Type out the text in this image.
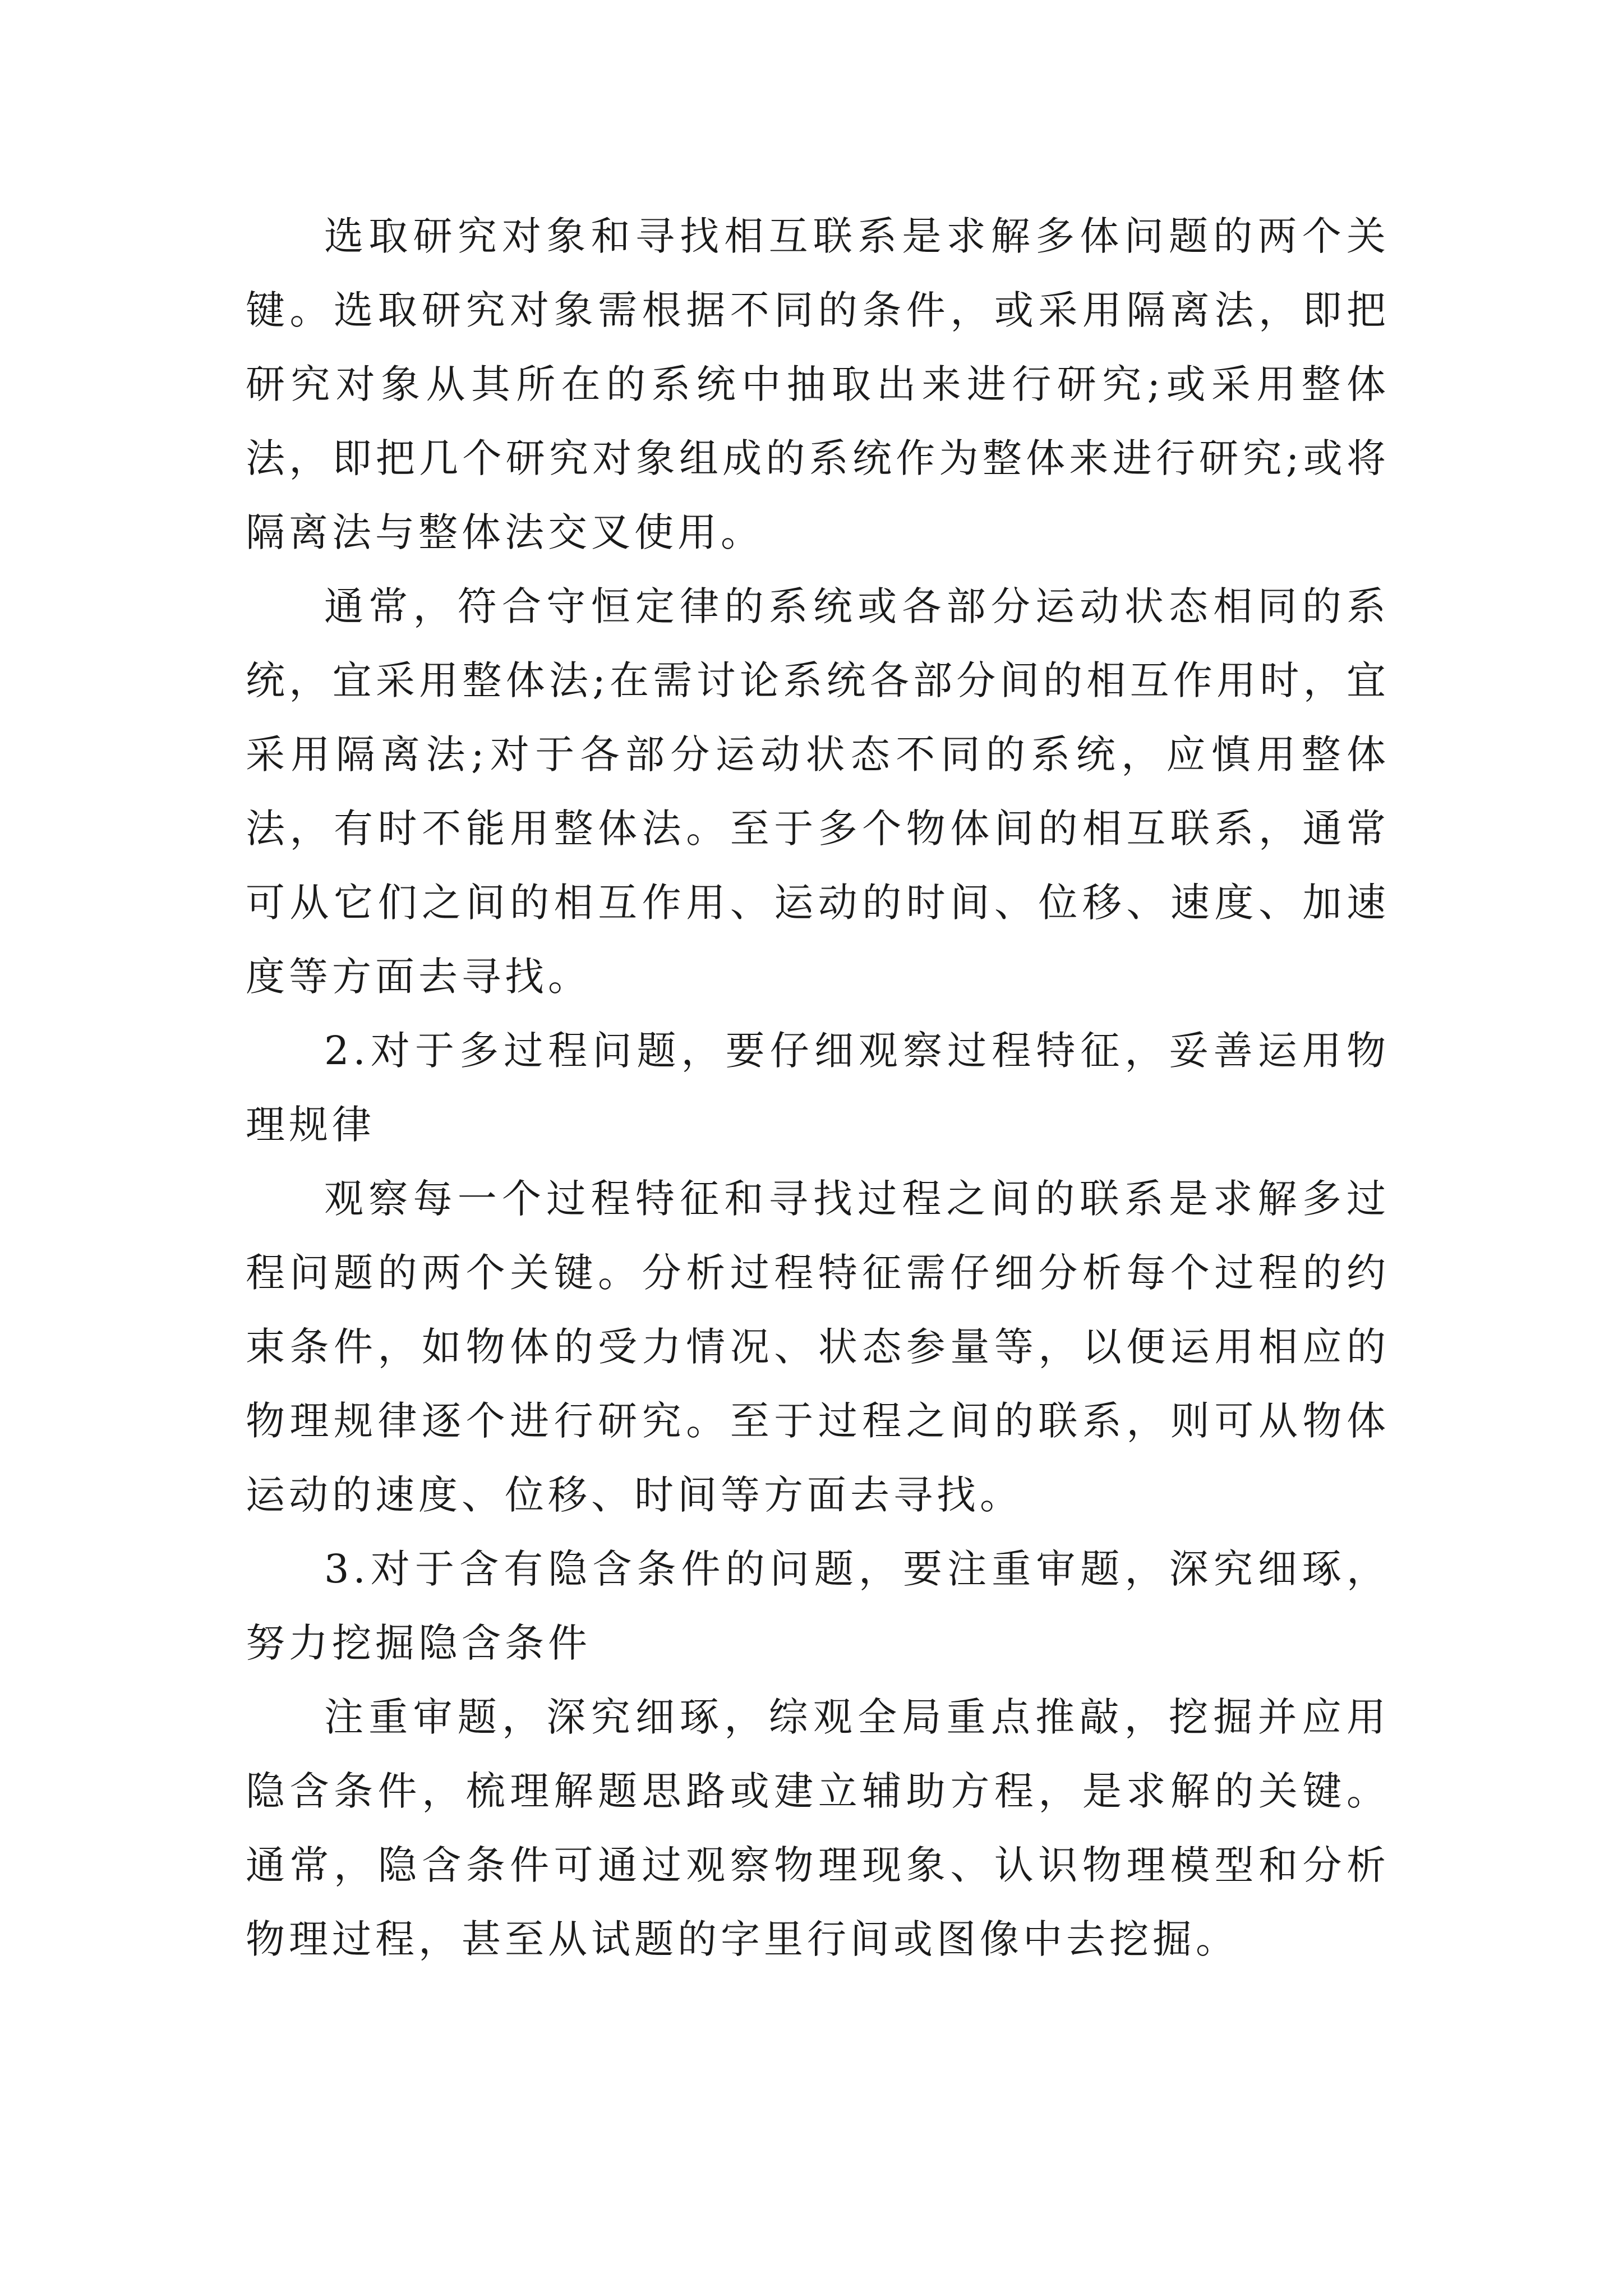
选取研究对象和寻找相互联系是求解多体问题的两个关键。选取研究对象需根据不同的条件，或采用隔离法，即把研究对象从其所在的系统中抽取出来进行研究;或采用整体法，即把几个研究对象组成的系统作为整体来进行研究;或将隔离法与整体法交叉使用。

通常，符合守恒定律的系统或各部分运动状态相同的系统，宜采用整体法;在需讨论系统各部分间的相互作用时，宜采用隔离法;对于各部分运动状态不同的系统，应慎用整体法，有时不能用整体法。至于多个物体间的相互联系，通常可从它们之间的相互作用、运动的时间、位移、速度、加速度等方面去寻找。

2.对于多过程问题，要仔细观察过程特征，妥善运用物理规律

观察每一个过程特征和寻找过程之间的联系是求解多过程问题的两个关键。分析过程特征需仔细分析每个过程的约束条件，如物体的受力情况、状态参量等，以便运用相应的物理规律逐个进行研究。至于过程之间的联系，则可从物体运动的速度、位移、时间等方面去寻找。

3.对于含有隐含条件的问题，要注重审题，深究细琢，努力挖掘隐含条件

注重审题，深究细琢，综观全局重点推敲，挖掘并应用隐含条件，梳理解题思路或建立辅助方程，是求解的关键。通常，隐含条件可通过观察物理现象、认识物理模型和分析物理过程，甚至从试题的字里行间或图像中去挖掘。
